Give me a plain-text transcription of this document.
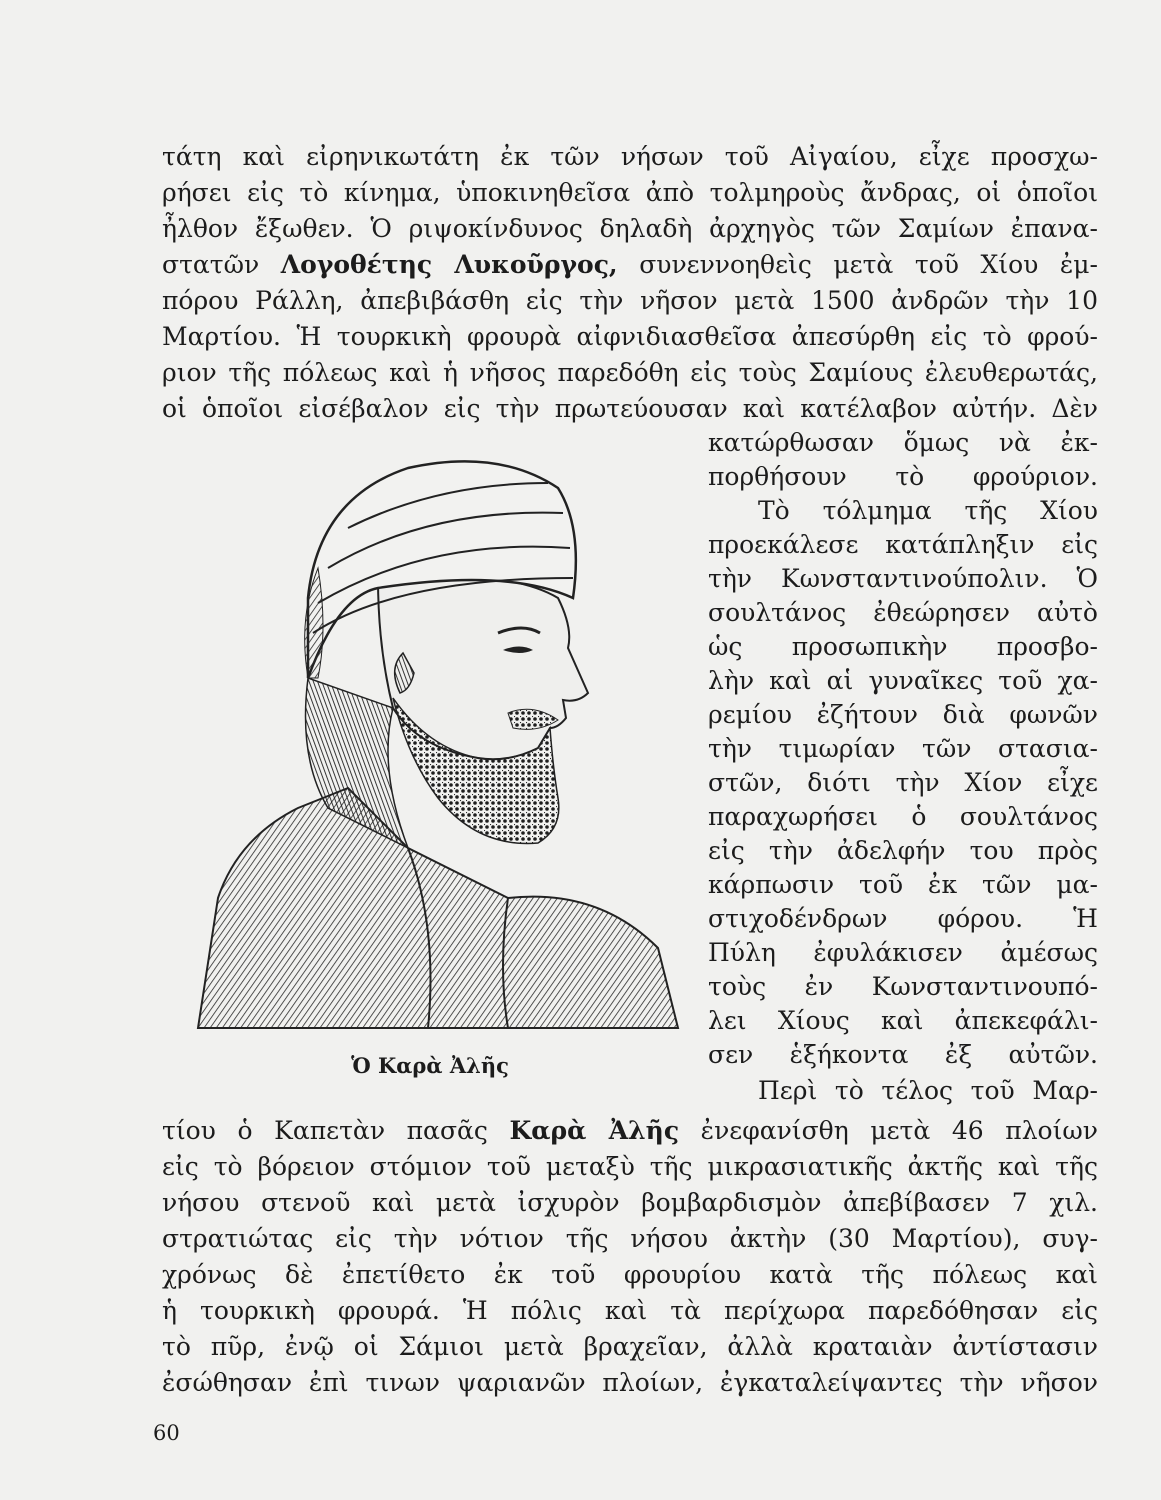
τάτη καὶ εἰρηνικωτάτη ἐκ τῶν νήσων τοῦ Αἰγαίου, εἶχε προσχω-
ρήσει εἰς τὸ κίνημα, ὑποκινηθεῖσα ἀπὸ τολμηροὺς ἄνδρας, οἱ ὁποῖοι
ἦλθον ἔξωθεν. Ὁ ριψοκίνδυνος δηλαδὴ ἀρχηγὸς τῶν Σαμίων ἐπανα-
στατῶν Λογοθέτης Λυκοῦργος, συνεννοηθεὶς μετὰ τοῦ Χίου ἐμ-
πόρου Ράλλη, ἀπεβιβάσθη εἰς τὴν νῆσον μετὰ 1500 ἀνδρῶν τὴν 10
Μαρτίου. Ἡ τουρκικὴ φρουρὰ αἰφνιδιασθεῖσα ἀπεσύρθη εἰς τὸ φρού-
ριον τῆς πόλεως καὶ ἡ νῆσος παρεδόθη εἰς τοὺς Σαμίους ἐλευθερωτάς,
οἱ ὁποῖοι εἰσέβαλον εἰς τὴν πρωτεύουσαν καὶ κατέλαβον αὐτήν. Δὲν
κατώρθωσαν ὅμως νὰ ἐκ-
πορθήσουν τὸ φρούριον.
Τὸ τόλμημα τῆς Χίου
προεκάλεσε κατάπληξιν εἰς
τὴν Κωνσταντινούπολιν. Ὁ
σουλτάνος ἐθεώρησεν αὐτὸ
ὡς προσωπικὴν προσβο-
λὴν καὶ αἱ γυναῖκες τοῦ χα-
ρεμίου ἐζήτουν διὰ φωνῶν
τὴν τιμωρίαν τῶν στασια-
στῶν, διότι τὴν Χίον εἶχε
παραχωρήσει ὁ σουλτάνος
εἰς τὴν ἀδελφήν του πρὸς
κάρπωσιν τοῦ ἐκ τῶν μα-
στιχοδένδρων φόρου. Ἡ
Πύλη ἐφυλάκισεν ἀμέσως
τοὺς ἐν Κωνσταντινουπό-
λει Χίους καὶ ἀπεκεφάλι-
σεν ἑξήκοντα ἐξ αὐτῶν.
Περὶ τὸ τέλος τοῦ Μαρ-
Ὁ Καρὰ Ἀλῆς
τίου ὁ Καπετὰν πασᾶς Καρὰ Ἀλῆς ἐνεφανίσθη μετὰ 46 πλοίων
εἰς τὸ βόρειον στόμιον τοῦ μεταξὺ τῆς μικρασιατικῆς ἀκτῆς καὶ τῆς
νήσου στενοῦ καὶ μετὰ ἰσχυρὸν βομβαρδισμὸν ἀπεβίβασεν 7 χιλ.
στρατιώτας εἰς τὴν νότιον τῆς νήσου ἀκτὴν (30 Μαρτίου), συγ-
χρόνως δὲ ἐπετίθετο ἐκ τοῦ φρουρίου κατὰ τῆς πόλεως καὶ
ἡ τουρκικὴ φρουρά. Ἡ πόλις καὶ τὰ περίχωρα παρεδόθησαν εἰς
τὸ πῦρ, ἐνῷ οἱ Σάμιοι μετὰ βραχεῖαν, ἀλλὰ κραταιὰν ἀντίστασιν
ἐσώθησαν ἐπὶ τινων ψαριανῶν πλοίων, ἐγκαταλείψαντες τὴν νῆσον
60
